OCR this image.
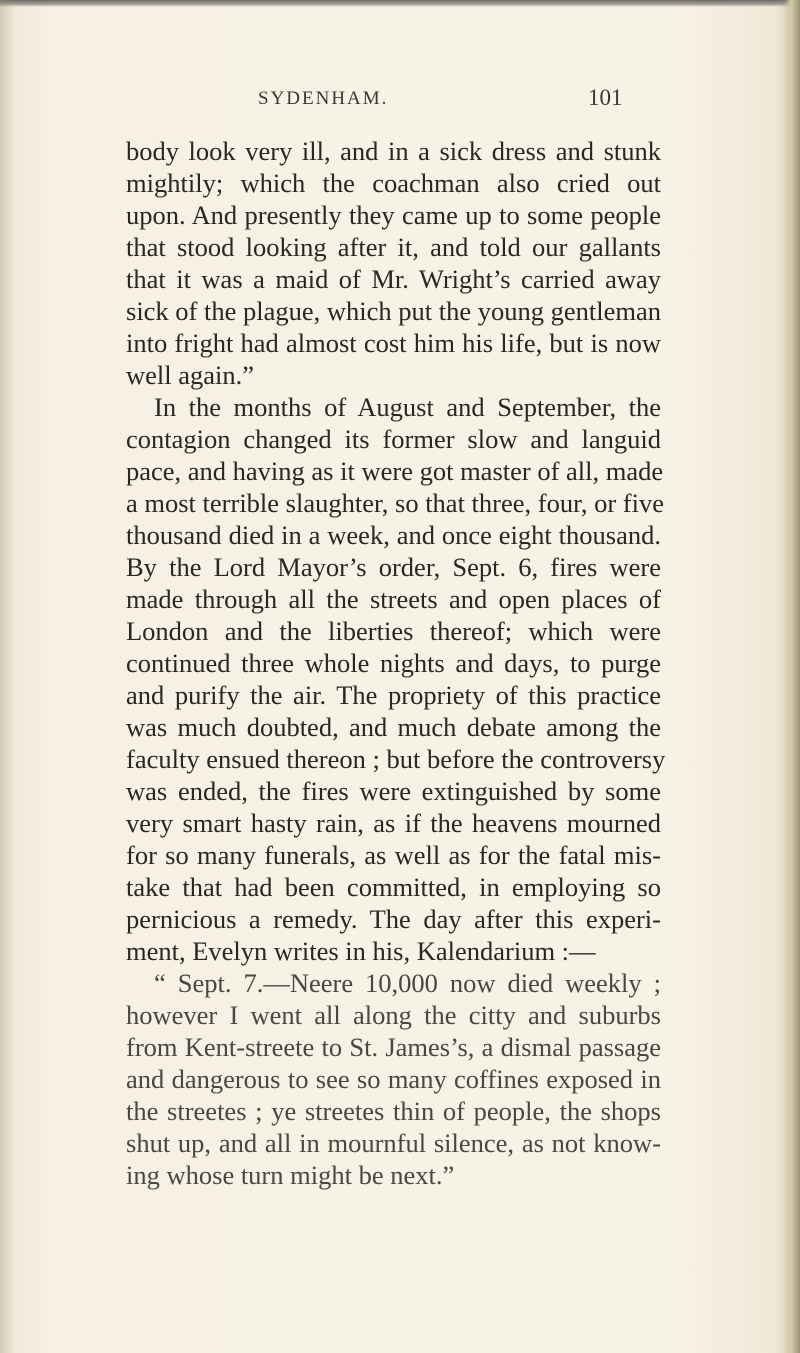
SYDENHAM.	101
body look very ill, and in a sick dress and stunk
mightily; which the coachman also cried out
upon. And presently they came up to some people
that stood looking after it, and told our gallants
that it was a maid of Mr. Wright’s carried away
sick of the plague, which put the young gentleman
into fright had almost cost him his life, but is now
well again.”
In the months of August and September, the
contagion changed its former slow and languid
pace, and having as it were got master of all, made
a most terrible slaughter, so that three, four, or five
thousand died in a week, and once eight thousand.
By the Lord Mayor’s order, Sept. 6, fires were
made through all the streets and open places of
London and the liberties thereof; which were
continued three whole nights and days, to purge
and purify the air. The propriety of this practice
was much doubted, and much debate among the
faculty ensued thereon ; but before the controversy
was ended, the fires were extinguished by some
very smart hasty rain, as if the heavens mourned
for so many funerals, as well as for the fatal mis-
take that had been committed, in employing so
pernicious a remedy. The day after this experi-
ment, Evelyn writes in his, Kalendarium :—
“ Sept. 7.—Neere 10,000 now died weekly ;
however I went all along the citty and suburbs
from Kent-streete to St. James’s, a dismal passage
and dangerous to see so many coffines exposed in
the streetes ; ye streetes thin of people, the shops
shut up, and all in mournful silence, as not know-
ing whose turn might be next.”
